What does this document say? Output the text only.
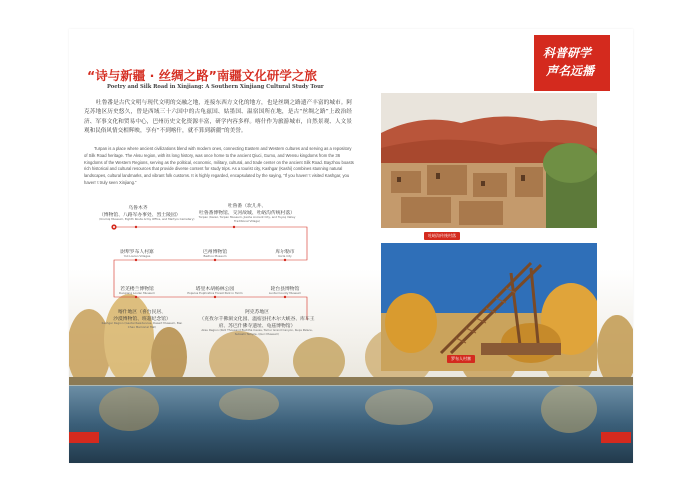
科普研学
声名远播
“诗与新疆 · 丝绸之路”南疆文化研学之旅
Poetry and Silk Road in Xinjiang: A Southern Xinjiang Cultural Study Tour

吐鲁番是古代文明与现代文明的交融之地，连接东西方文化的地方，也是丝绸之路遗产丰富的城市。阿克苏地区历史悠久，曾是西域三十六国中的古龟兹国、姑墨国、温宿国所在地，是古“丝绸之路”上政治经济、军事文化和贸易中心，巴州历史文化资源丰富，研学内容多样。喀什作为旅游城市，自然景观、人文景观和民俗风情交相辉映，享有“不到喀什，就不算到新疆”的美誉。

Turpan is a place where ancient civilizations blend with modern ones, connecting Eastern and Western cultures and serving as a repository of Silk Road heritage. The Aksu region, with its long history, was once home to the ancient Qiuci, Gumo, and Wensu kingdoms from the 36 Kingdoms of the Western Regions, serving as the political, economic, military, cultural, and trade center on the ancient Silk Road. Bayzhou boasts rich historical and cultural resources that provide diverse content for study trips. As a tourist city, Kashgar (Kashi) combines stunning natural landscapes, cultural landmarks, and vibrant folk customs. It is highly regarded, encapsulated by the saying, “If you haven’ t visited Kashgar, you haven’ t truly seen Xinjiang.”

乌鲁木齐
（博物馆、八路军办事处、烈士陵园）
(Urumqi Museum, Eighth Route Army Office, and Martyrs Cemetery)
吐鲁番（坎儿井、
吐鲁番博物馆、交河故城、吐峪沟传统村落）
Turpan (Karez, Turpan Museum, Jiaohe Ancient City, and Tuyoq Valley Traditional Village)
尉犁罗布人村寨
Yuli Loulan Villages
巴州博物馆
Bazhou Museum
库尔勒市
Korla City
若羌楼兰博物馆
Ruoqiang Loulan Museum
塔里木胡杨林公园
Populus Euphratica Forest Park in Tarim
轮台县博物馆
Luntai County Museum
喀什地区（喜台民居、
沙漠博物馆、班超纪念馆）
Kashgar Region (Gaotai Residences, Desert Museum, Ban Chao Memorial Hall)
阿克苏地区
（克孜尔千佛洞文化园、温宿县托木尔大峡谷、库车王府、苏巴什佛寺遗址、龟兹博物馆）
Aksu Region (Kizil Thousand Buddha Caves, Tomur Grand Canyon, Kuqa Palace, Subashi Temple, Qiuci Museum)
吐峪沟传统村落
罗布人村寨
